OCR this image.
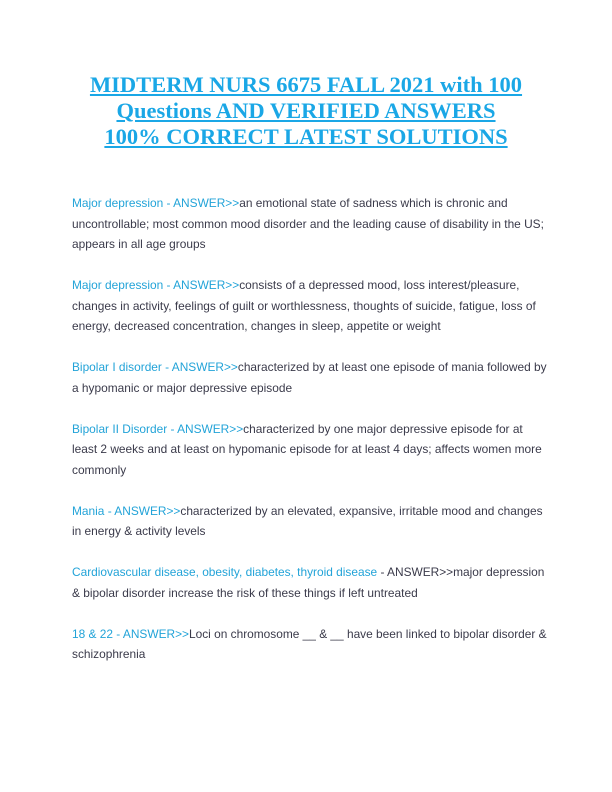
MIDTERM NURS 6675 FALL 2021 with 100
Questions AND VERIFIED ANSWERS
100% CORRECT LATEST SOLUTIONS

Major depression - ANSWER>>an emotional state of sadness which is chronic and uncontrollable; most common mood disorder and the leading cause of disability in the US; appears in all age groups

Major depression - ANSWER>>consists of a depressed mood, loss interest/pleasure, changes in activity, feelings of guilt or worthlessness, thoughts of suicide, fatigue, loss of energy, decreased concentration, changes in sleep, appetite or weight

Bipolar I disorder - ANSWER>>characterized by at least one episode of mania followed by a hypomanic or major depressive episode

Bipolar II Disorder - ANSWER>>characterized by one major depressive episode for at least 2 weeks and at least on hypomanic episode for at least 4 days; affects women more commonly

Mania - ANSWER>>characterized by an elevated, expansive, irritable mood and changes in energy & activity levels

Cardiovascular disease, obesity, diabetes, thyroid disease - ANSWER>>major depression & bipolar disorder increase the risk of these things if left untreated

18 & 22 - ANSWER>>Loci on chromosome __ & __ have been linked to bipolar disorder & schizophrenia
